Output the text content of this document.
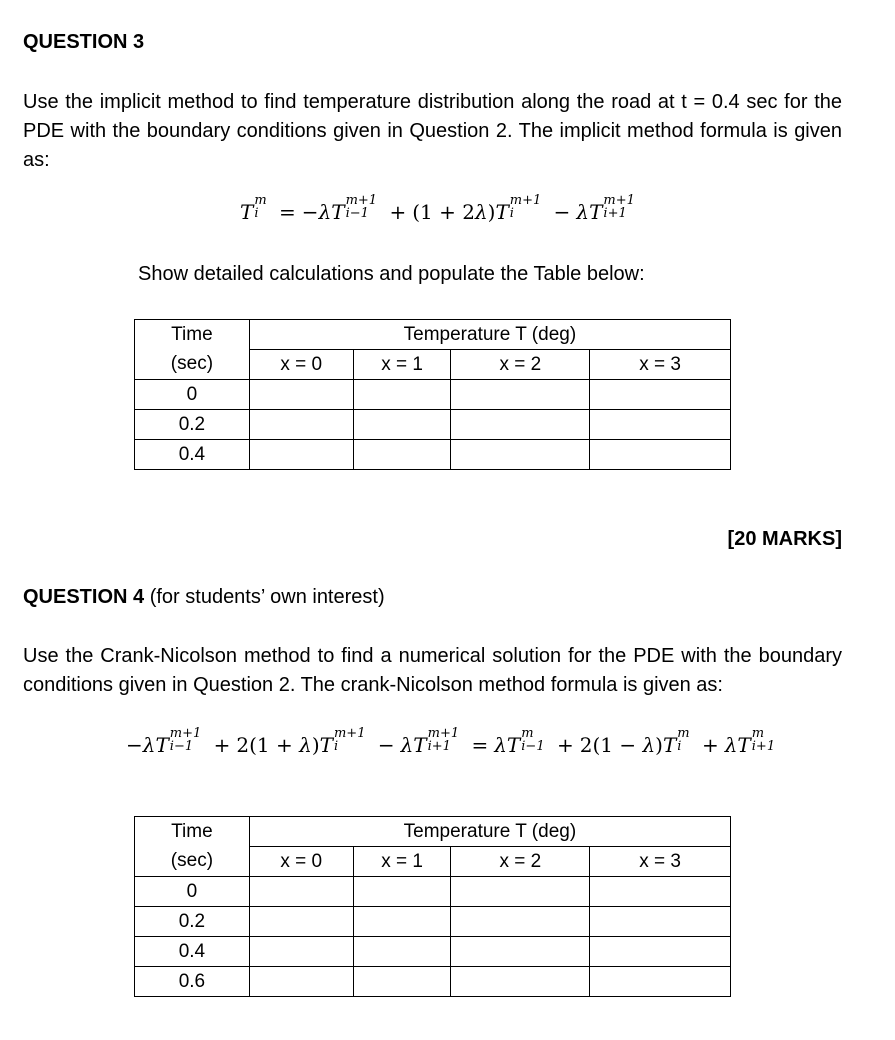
QUESTION 3
Use the implicit method to find temperature distribution along the road at t = 0.4 sec for the PDE with the boundary conditions given in Question 2. The implicit method formula is given as:
T m
i	= −λT m+1
i−1	+ (1 + 2λ)T m+1
i	− λT m+1
i+1
Show detailed calculations and populate the Table below:
Time	Temperature T (deg)			
(sec)	x = 0	x = 1	x = 2	x = 3
0				
0.2				
0.4				
[20 MARKS]
QUESTION 4 (for students’ own interest)
Use the Crank-Nicolson method to find a numerical solution for the PDE with the boundary conditions given in Question 2. The crank-Nicolson method formula is given as:
−λT m+1
i−1	+ 2(1 + λ)T m+1
i	− λT m+1
i+1	= λT m
i−1 + 2(1 − λ)T m
i	+ λT m
i+1
Time	Temperature T (deg)			
(sec)	x = 0	x = 1	x = 2	x = 3
0				
0.2				
0.4				
0.6				
